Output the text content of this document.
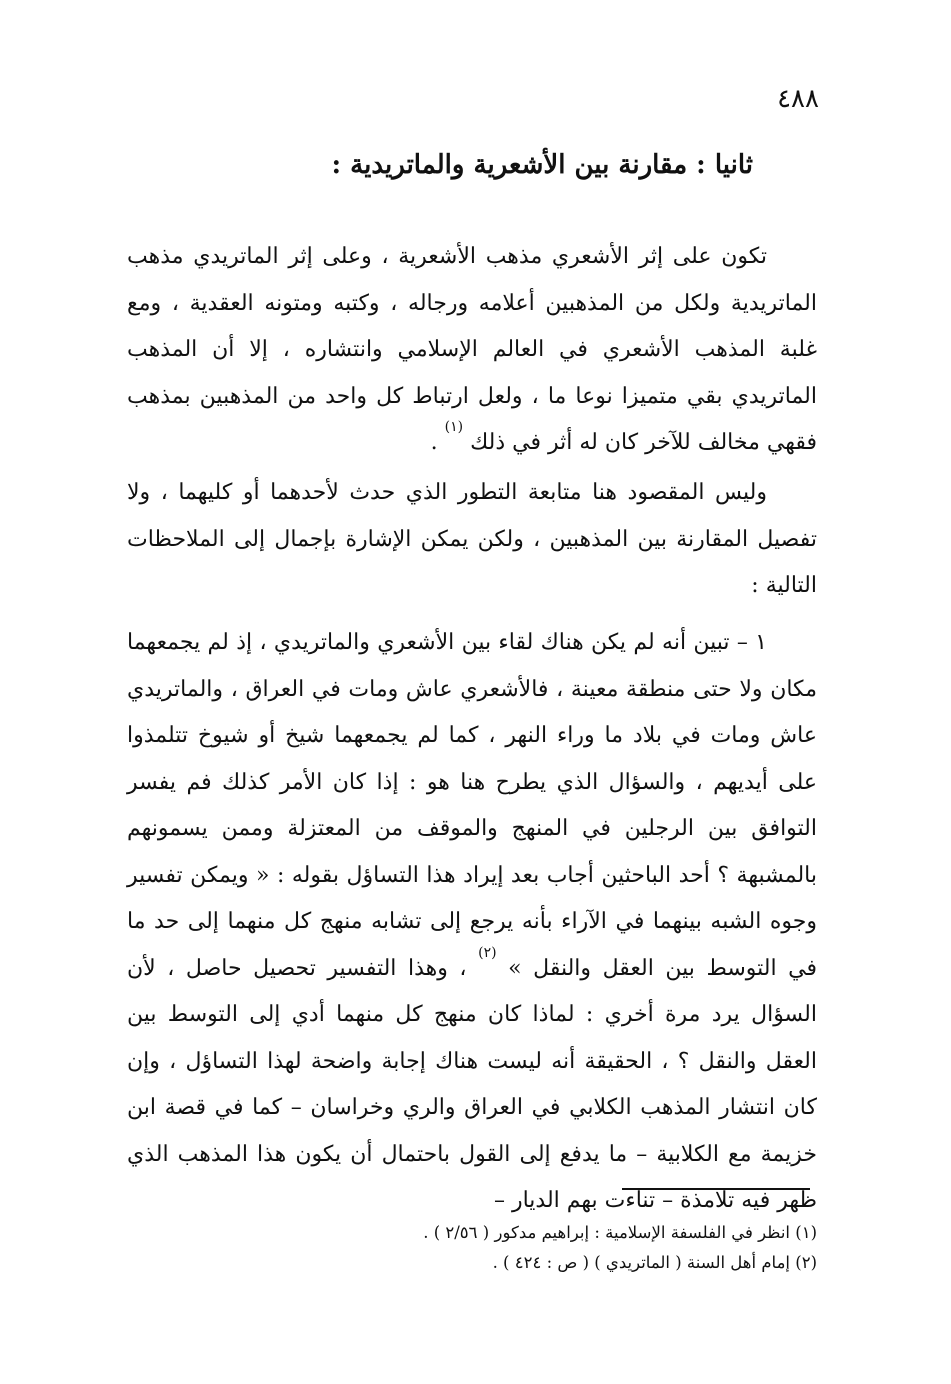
٤٨٨
ثانيا : مقارنة بين الأشعرية والماتريدية :
تكون على إثر الأشعري مذهب الأشعرية ، وعلى إثر الماتريدي مذهب الماتريدية ولكل من المذهبين أعلامه ورجاله ، وكتبه ومتونه العقدية ، ومع غلبة المذهب الأشعري في العالم الإسلامي وانتشاره ، إلا أن المذهب الماتريدي بقي متميزا نوعا ما ، ولعل ارتباط كل واحد من المذهبين بمذهب فقهي مخالف للآخر كان له أثر في ذلك $^{(١)}$ .
وليس المقصود هنا متابعة التطور الذي حدث لأحدهما أو كليهما ، ولا تفصيل المقارنة بين المذهبين ، ولكن يمكن الإشارة بإجمال إلى الملاحظات التالية :
١ – تبين أنه لم يكن هناك لقاء بين الأشعري والماتريدي ، إذ لم يجمعهما مكان ولا حتى منطقة معينة ، فالأشعري عاش ومات في العراق ، والماتريدي عاش ومات في بلاد ما وراء النهر ، كما لم يجمعهما شيخ أو شيوخ تتلمذوا على أيديهم ، والسؤال الذي يطرح هنا هو : إذا كان الأمر كذلك فم يفسر التوافق بين الرجلين في المنهج والموقف من المعتزلة وممن يسمونهم بالمشبهة ؟ أحد الباحثين أجاب بعد إيراد هذا التساؤل بقوله : « ويمكن تفسير وجوه الشبه بينهما في الآراء بأنه يرجع إلى تشابه منهج كل منهما إلى حد ما في التوسط بين العقل والنقل » $^{(٢)}$ ، وهذا التفسير تحصيل حاصل ، لأن السؤال يرد مرة أخري : لماذا كان منهج كل منهما أدي إلى التوسط بين العقل والنقل ؟ ، الحقيقة أنه ليست هناك إجابة واضحة لهذا التساؤل ، وإن كان انتشار المذهب الكلابي في العراق والري وخراسان – كما في قصة ابن خزيمة مع الكلابية – ما يدفع إلى القول باحتمال أن يكون هذا المذهب الذي ظهر فيه تلامذة – تناءت بهم الديار –
(١) انظر في الفلسفة الإسلامية : إبراهيم مدكور ( ٢/٥٦ ) .
(٢) إمام أهل السنة ( الماتريدي ) ( ص : ٤٢٤ ) .
